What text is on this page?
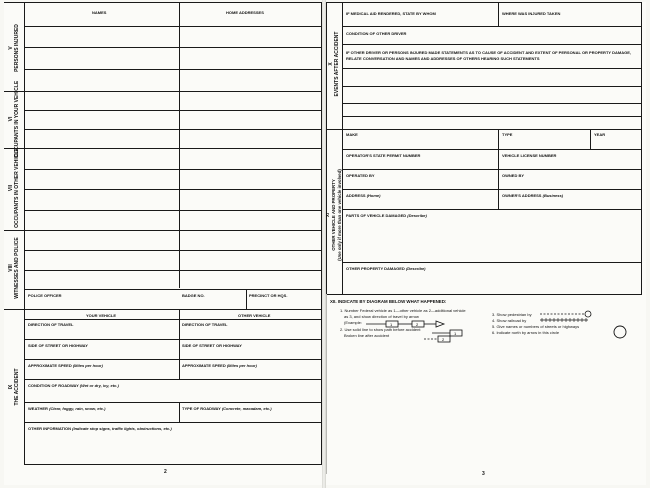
NAMES	HOME ADDRESSES
POLICE OFFICER	BADGE NO.	PRECINCT OR HQS.
V PERSONS INJURED
VI OCCUPANTS IN YOUR VEHICLE
VII OCCUPANTS IN OTHER VEHICLE
VIII WITNESSES AND POLICE
IX THE ACCIDENT
YOUR VEHICLE	OTHER VEHICLE
DIRECTION OF TRAVEL	DIRECTION OF TRAVEL
SIDE OF STREET OR HIGHWAY	SIDE OF STREET OR HIGHWAY
APPROXIMATE SPEED (Miles per hour)	APPROXIMATE SPEED (Miles per hour)
CONDITION OF ROADWAY (Wet or dry, icy, etc.)
WEATHER (Clear, foggy, rain, snow, etc.)	TYPE OF ROADWAY (Concrete, macadam, etc.)
OTHER INFORMATION (Indicate stop signs, traffic lights, obstructions, etc.)
2
IF MEDICAL AID RENDERED, STATE BY WHOM	WHERE WAS INJURED TAKEN
CONDITION OF OTHER DRIVER
IF OTHER DRIVER OR PERSONS INJURED MADE STATEMENTS AS TO CAUSE OF ACCIDENT AND EXTENT OF PERSONAL OR PROPERTY DAMAGE,
RELATE CONVERSATION AND NAMES AND ADDRESSES OF OTHERS HEARING SUCH STATEMENTS
X EVENTS AFTER ACCIDENT
MAKE	TYPE	YEAR
OPERATOR'S STATE PERMIT NUMBER	VEHICLE LICENSE NUMBER
OPERATED BY	OWNED BY
ADDRESS (Home)	OWNER'S ADDRESS (Business)
PARTS OF VEHICLE DAMAGED (Describe)
OTHER PROPERTY DAMAGED (Describe)
XI OTHER VEHICLE AND PROPERTY (Use only if more than one vehicle involved)
XII. INDICATE BY DIAGRAM BELOW WHAT HAPPENED:
1. Number Federal vehicle as 1—other vehicle as 2—additional vehicle
as 3, and show direction of travel by arrow
(Example:
2. Use solid line to show path before accident
Broken line after accident
1	2
1
2
3. Show pedestrian by
4. Show railroad by
5. Give names or numbers of streets or highways
6. Indicate north by arrow in this circle
3
